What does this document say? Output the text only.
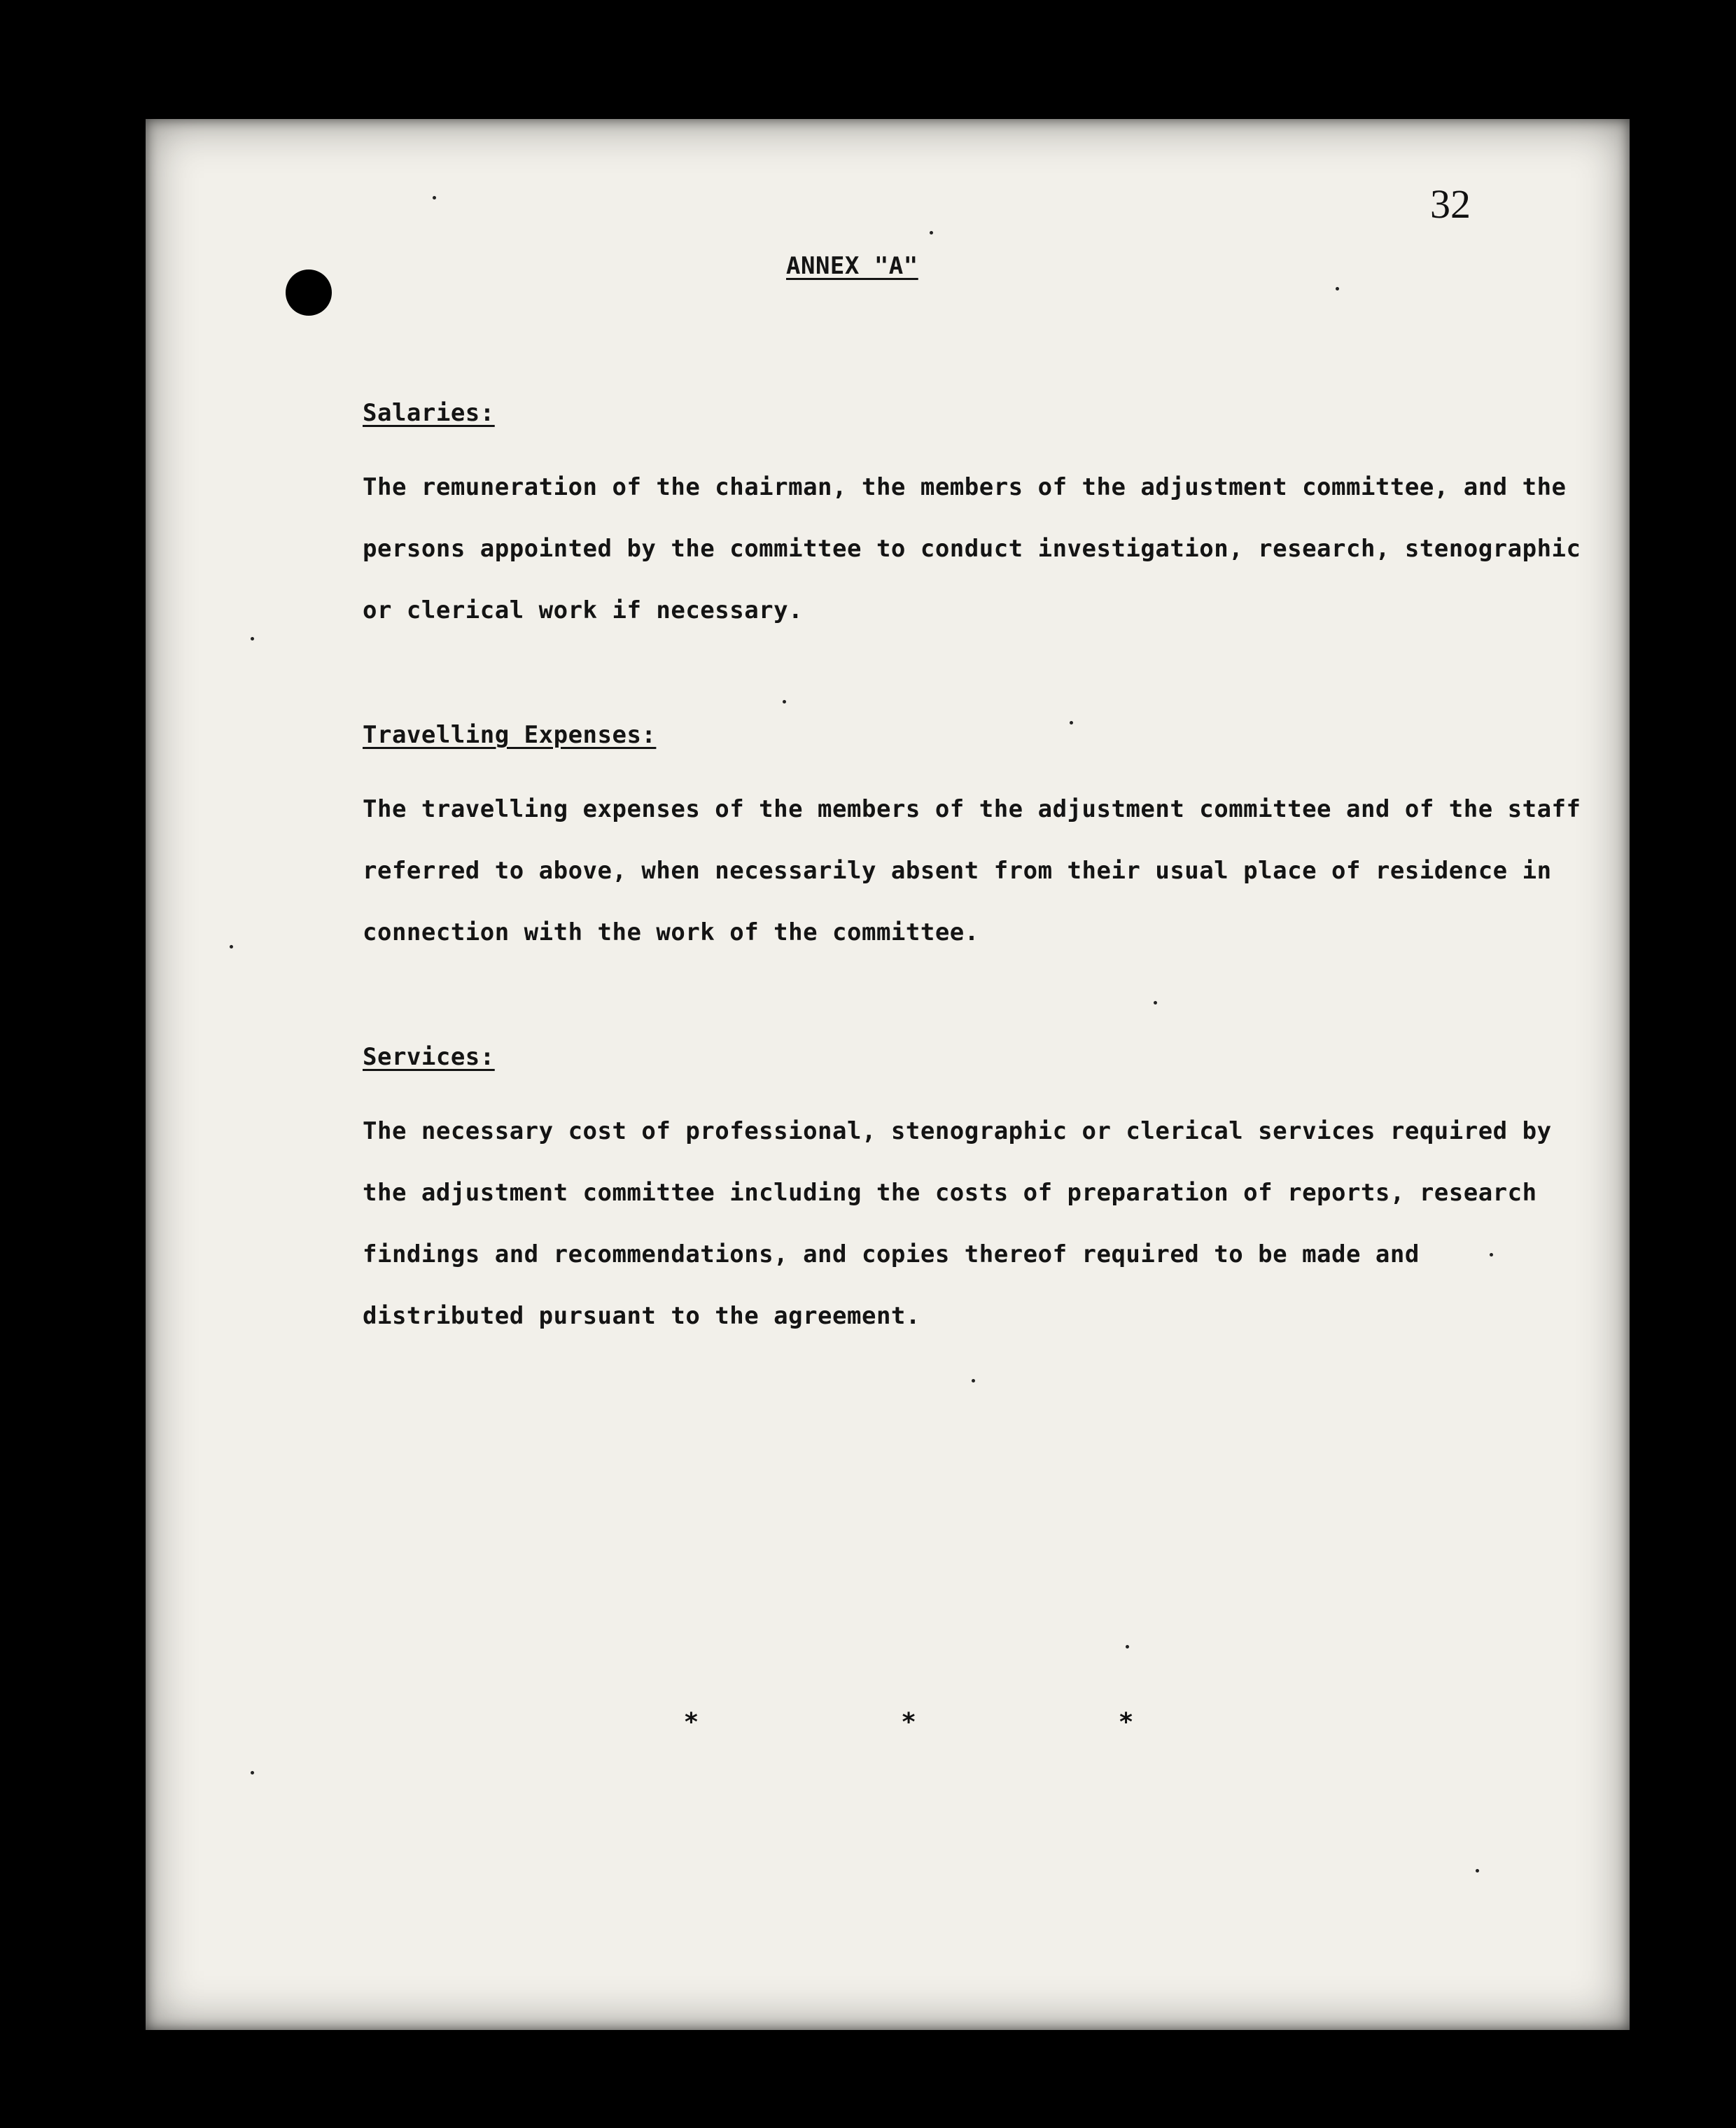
32
ANNEX "A"

Salaries:

The remuneration of the chairman, the members of the adjustment committee, and the persons appointed by the committee to conduct investigation, research, stenographic or clerical work if necessary.

Travelling Expenses:

The travelling expenses of the members of the adjustment committee and of the staff referred to above, when necessarily absent from their usual place of residence in connection with the work of the committee.

Services:

The necessary cost of professional, stenographic or clerical services required by the adjustment committee including the costs of preparation of reports, research findings and recommendations, and copies thereof required to be made and distributed pursuant to the agreement.

*	*	*
